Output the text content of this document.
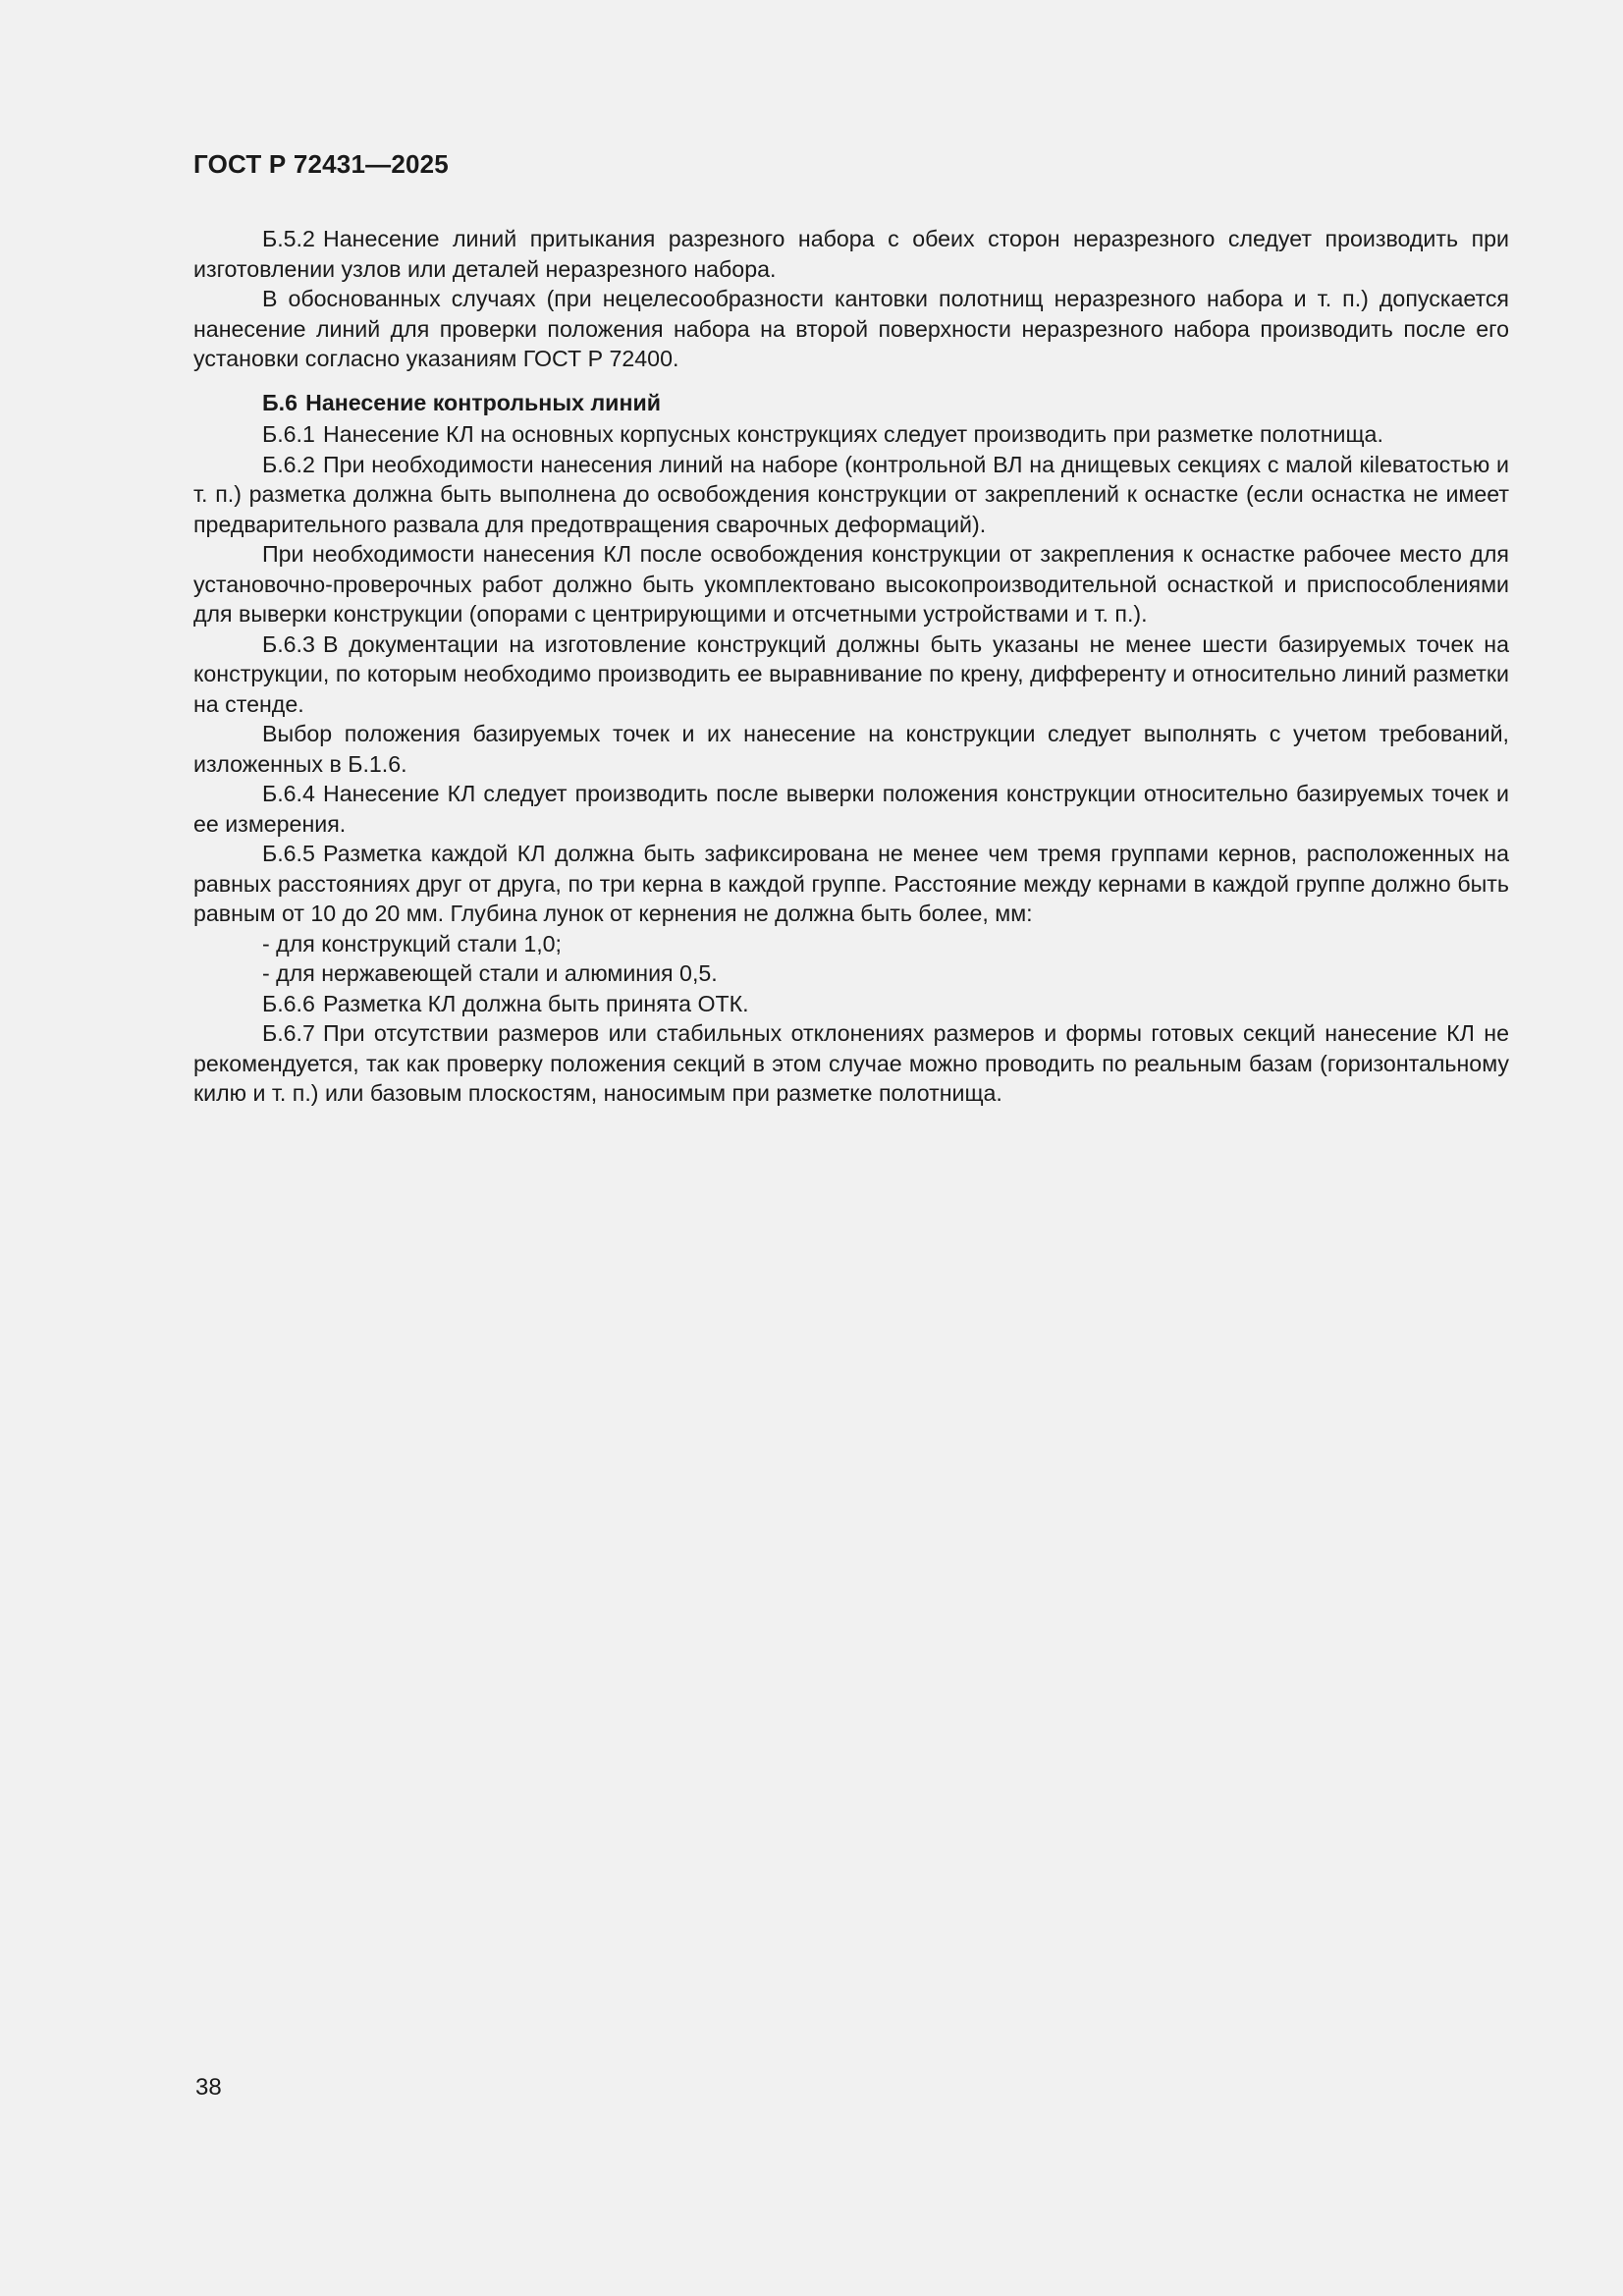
ГОСТ Р 72431—2025

Б.5.2 Нанесение линий притыкания разрезного набора с обеих сторон неразрезного следует производить при изготовлении узлов или деталей неразрезного набора.

В обоснованных случаях (при нецелесообразности кантовки полотнищ неразрезного набора и т. п.) допускается нанесение линий для проверки положения набора на второй поверхности неразрезного набора производить после его установки согласно указаниям ГОСТ Р 72400.

Б.6 Нанесение контрольных линий

Б.6.1 Нанесение КЛ на основных корпусных конструкциях следует производить при разметке полотнища.

Б.6.2 При необходимости нанесения линий на наборе (контрольной ВЛ на днищевых секциях с малой кileватостью и т. п.) разметка должна быть выполнена до освобождения конструкции от закреплений к оснастке (если оснастка не имеет предварительного развала для предотвращения сварочных деформаций).

При необходимости нанесения КЛ после освобождения конструкции от закрепления к оснастке рабочее место для установочно-проверочных работ должно быть укомплектовано высокопроизводительной оснасткой и приспособлениями для выверки конструкции (опорами с центрирующими и отсчетными устройствами и т. п.).

Б.6.3 В документации на изготовление конструкций должны быть указаны не менее шести базируемых точек на конструкции, по которым необходимо производить ее выравнивание по крену, дифференту и относительно линий разметки на стенде.

Выбор положения базируемых точек и их нанесение на конструкции следует выполнять с учетом требований, изложенных в Б.1.6.

Б.6.4 Нанесение КЛ следует производить после выверки положения конструкции относительно базируемых точек и ее измерения.

Б.6.5 Разметка каждой КЛ должна быть зафиксирована не менее чем тремя группами кернов, расположенных на равных расстояниях друг от друга, по три керна в каждой группе. Расстояние между кернами в каждой группе должно быть равным от 10 до 20 мм. Глубина лунок от кернения не должна быть более, мм:

- для конструкций стали 1,0;

- для нержавеющей стали и алюминия 0,5.

Б.6.6 Разметка КЛ должна быть принята ОТК.

Б.6.7 При отсутствии размеров или стабильных отклонениях размеров и формы готовых секций нанесение КЛ не рекомендуется, так как проверку положения секций в этом случае можно проводить по реальным базам (горизонтальному килю и т. п.) или базовым плоскостям, наносимым при разметке полотнища.

38
